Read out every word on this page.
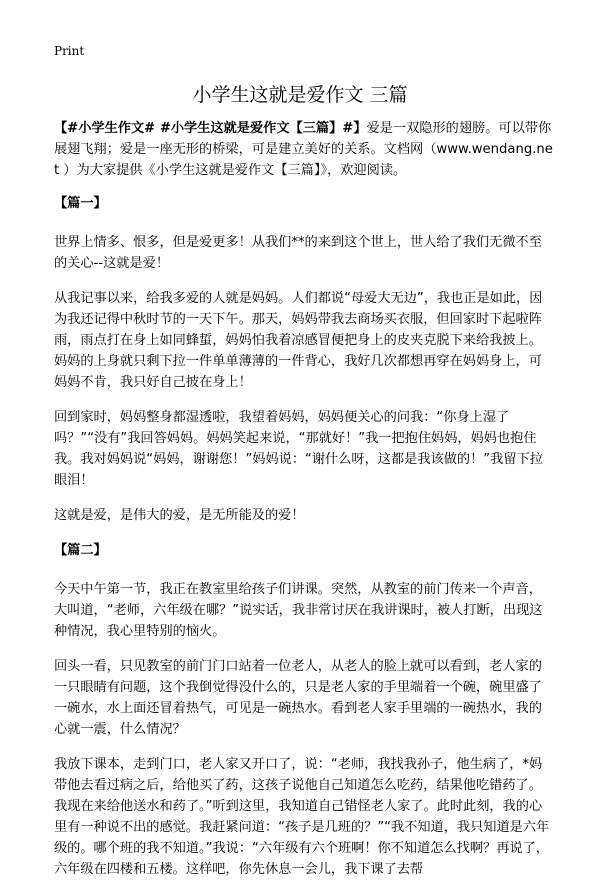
Print
小学生这就是爱作文 三篇

【#小学生作文# #小学生这就是爱作文【三篇】#】爱是一双隐形的翅膀。可以带你展翅飞翔；爱是一座无形的桥梁，可是建立美好的关系。文档网（www.wendang.net ）为大家提供《小学生这就是爱作文【三篇】》，欢迎阅读。

【篇一】

世界上情多、恨多，但是爱更多！从我们**的来到这个世上，世人给了我们无微不至的关心--这就是爱！

从我记事以来，给我多爱的人就是妈妈。人们都说“母爱大无边”，我也正是如此，因为我还记得中秋时节的一天下午。那天，妈妈带我去商场买衣服，但回家时下起啦阵雨，雨点打在身上如同蜂蜇，妈妈怕我着凉感冒便把身上的皮夹克脱下来给我披上。妈妈的上身就只剩下拉一件单单薄薄的一件背心，我好几次都想再穿在妈妈身上，可妈妈不肯，我只好自己披在身上！

回到家时，妈妈整身都湿透啦，我望着妈妈，妈妈便关心的问我：“你身上湿了吗？”“没有”我回答妈妈。妈妈笑起来说，“那就好！”我一把抱住妈妈，妈妈也抱住我。我对妈妈说“妈妈，谢谢您！”妈妈说：“谢什么呀，这都是我该做的！”我留下拉眼泪！

这就是爱，是伟大的爱，是无所能及的爱！

【篇二】

今天中午第一节，我正在教室里给孩子们讲课。突然，从教室的前门传来一个声音，大叫道，“老师，六年级在哪？”说实话，我非常讨厌在我讲课时，被人打断，出现这种情况，我心里特别的恼火。

回头一看，只见教室的前门门口站着一位老人，从老人的脸上就可以看到，老人家的一只眼睛有问题，这个我倒觉得没什么的，只是老人家的手里端着一个碗，碗里盛了一碗水，水上面还冒着热气，可见是一碗热水。看到老人家手里端的一碗热水，我的心就一震，什么情况？

我放下课本，走到门口，老人家又开口了，说：“老师，我找我孙子，他生病了，*妈带他去看过病之后，给他买了药，这孩子说他自己知道怎么吃药，结果他吃错药了。我现在来给他送水和药了。”听到这里，我知道自己错怪老人家了。此时此刻，我的心里有一种说不出的感觉。我赶紧问道：“孩子是几班的？”“我不知道，我只知道是六年级的。哪个班的我不知道。”我说：“六年级有六个班啊！你不知道怎么找啊？再说了，六年级在四楼和五楼。这样吧，你先休息一会儿，我下课了去帮
